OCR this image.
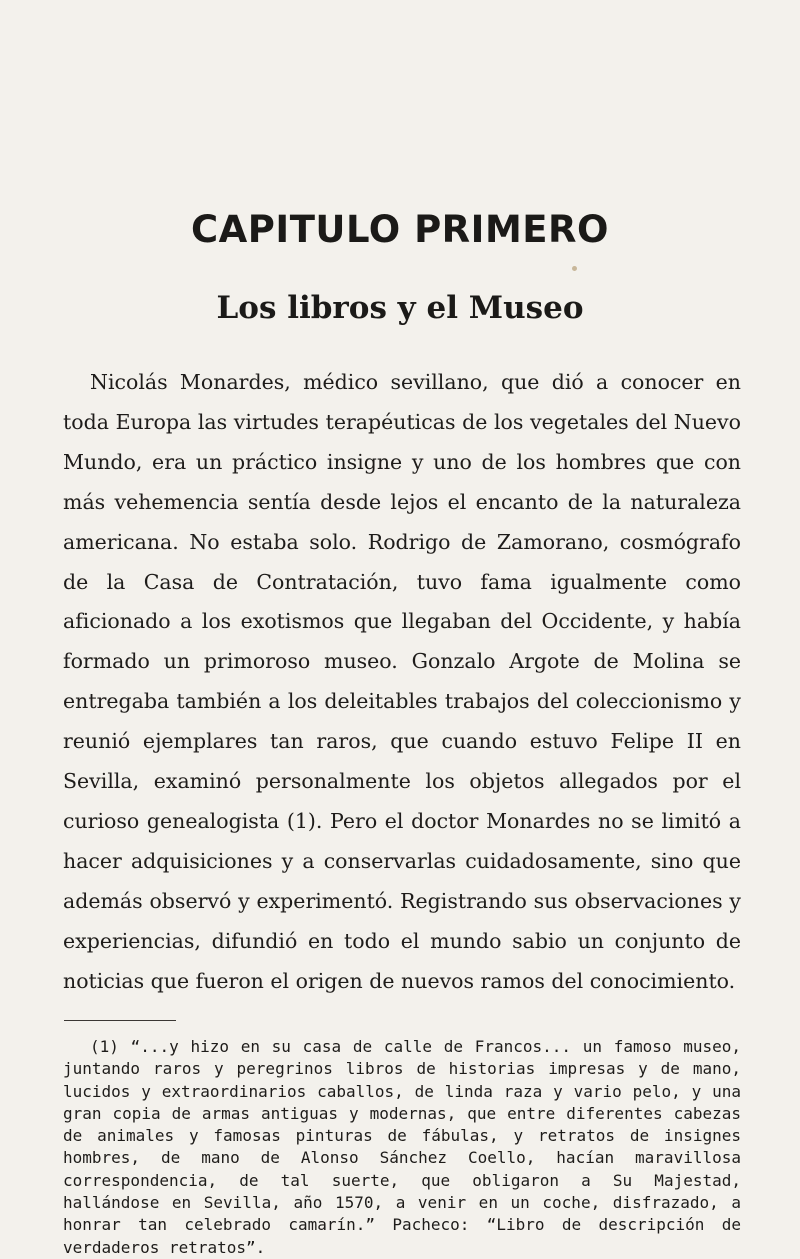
CAPITULO PRIMERO
Los libros y el Museo

Nicolás Monardes, médico sevillano, que dió a conocer en toda Europa las virtudes terapéuticas de los vegetales del Nuevo Mundo, era un práctico insigne y uno de los hombres que con más vehemencia sentía desde lejos el encanto de la naturaleza americana. No estaba solo. Rodrigo de Zamorano, cosmógrafo de la Casa de Contratación, tuvo fama igualmente como aficionado a los exotismos que llegaban del Occidente, y había formado un primoroso museo. Gonzalo Argote de Molina se entregaba también a los deleitables trabajos del coleccionismo y reunió ejemplares tan raros, que cuando estuvo Felipe II en Sevilla, examinó personalmente los objetos allegados por el curioso genealogista (1). Pero el doctor Monardes no se limitó a hacer adquisiciones y a conservarlas cuidadosamente, sino que además observó y experimentó. Registrando sus observaciones y experiencias, difundió en todo el mundo sabio un conjunto de noticias que fueron el origen de nuevos ramos del conocimiento.

(1) “...y hizo en su casa de calle de Francos... un famoso museo, juntando raros y peregrinos libros de historias impresas y de mano, lucidos y extraordinarios caballos, de linda raza y vario pelo, y una gran copia de armas antiguas y modernas, que entre diferentes cabezas de animales y famosas pinturas de fábulas, y retratos de insignes hombres, de mano de Alonso Sánchez Coello, hacían maravillosa correspondencia, de tal suerte, que obligaron a Su Majestad, hallándose en Sevilla, año 1570, a venir en un coche, disfrazado, a honrar tan celebrado camarín.” Pacheco: “Libro de descripción de verdaderos retratos”.
